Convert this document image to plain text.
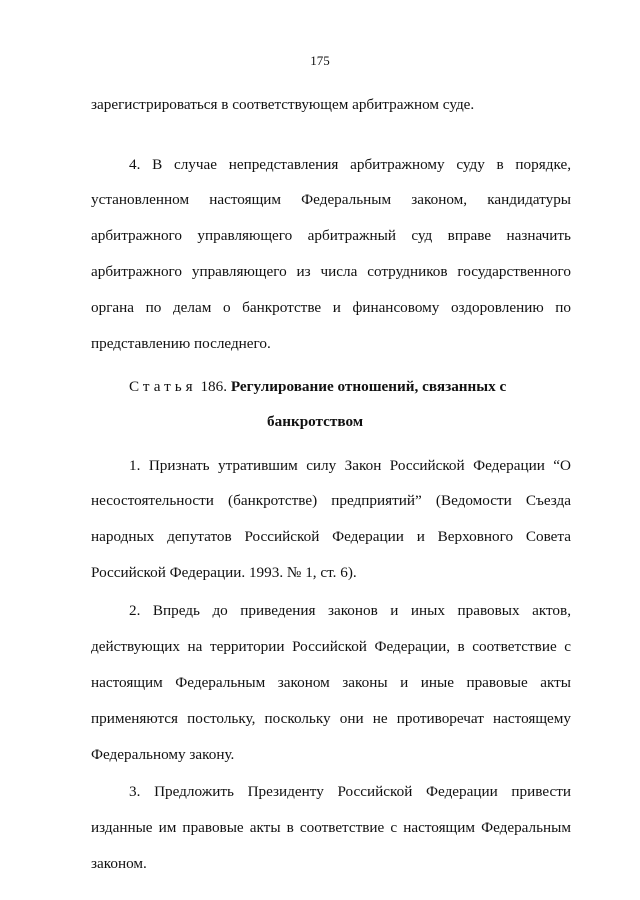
175
зарегистрироваться в соответствующем арбитражном суде.
4. В случае непредставления арбитражному суду в порядке,
установленном настоящим Федеральным законом, кандидатуры
арбитражного управляющего арбитражный суд вправе назначить
арбитражного управляющего из числа сотрудников государственного
органа по делам о банкротстве и финансовому оздоровлению по
представлению последнего.
Статья 186. Регулирование отношений, связанных с
банкротством
1. Признать утратившим силу Закон Российской Федерации “О
несостоятельности (банкротстве) предприятий” (Ведомости Съезда
народных депутатов Российской Федерации и Верховного Совета
Российской Федерации. 1993. № 1, ст. 6).
2. Впредь до приведения законов и иных правовых актов,
действующих на территории Российской Федерации, в соответствие с
настоящим Федеральным законом законы и иные правовые акты
применяются постольку, поскольку они не противоречат настоящему
Федеральному закону.
3. Предложить Президенту Российской Федерации привести
изданные им правовые акты в соответствие с настоящим Федеральным
законом.
